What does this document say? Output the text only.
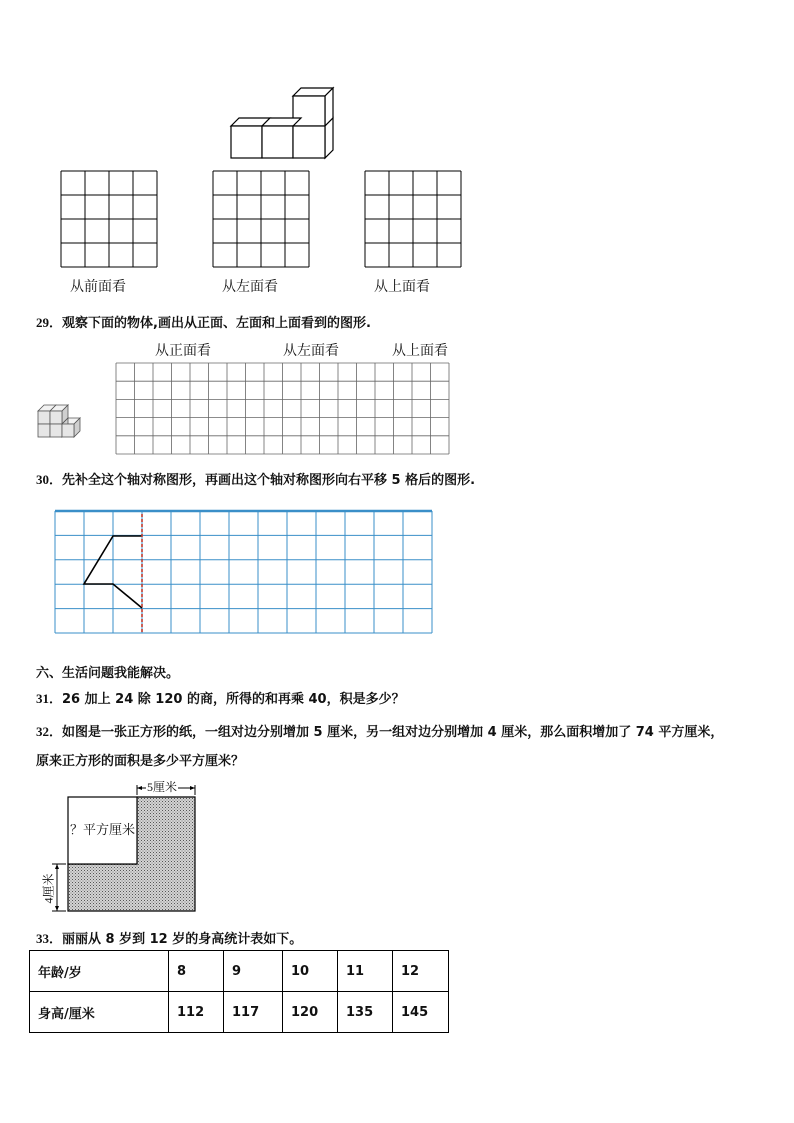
从前面看	从左面看	从上面看
29．观察下面的物体,画出从正面、左面和上面看到的图形.
从正面看	从左面看	从上面看
30．先补全这个轴对称图形，再画出这个轴对称图形向右平移 5 格后的图形.
六、生活问题我能解决。
31．26 加上 24 除 120 的商，所得的和再乘 40，积是多少？
32．如图是一张正方形的纸，一组对边分别增加 5 厘米，另一组对边分别增加 4 厘米，那么面积增加了 74 平方厘米，
原来正方形的面积是多少平方厘米？
5厘米
？平方厘米
4厘米
33．丽丽从 8 岁到 12 岁的身高统计表如下。
年龄/岁	8	9	10	11	12
身高/厘米	112	117	120	135	145
